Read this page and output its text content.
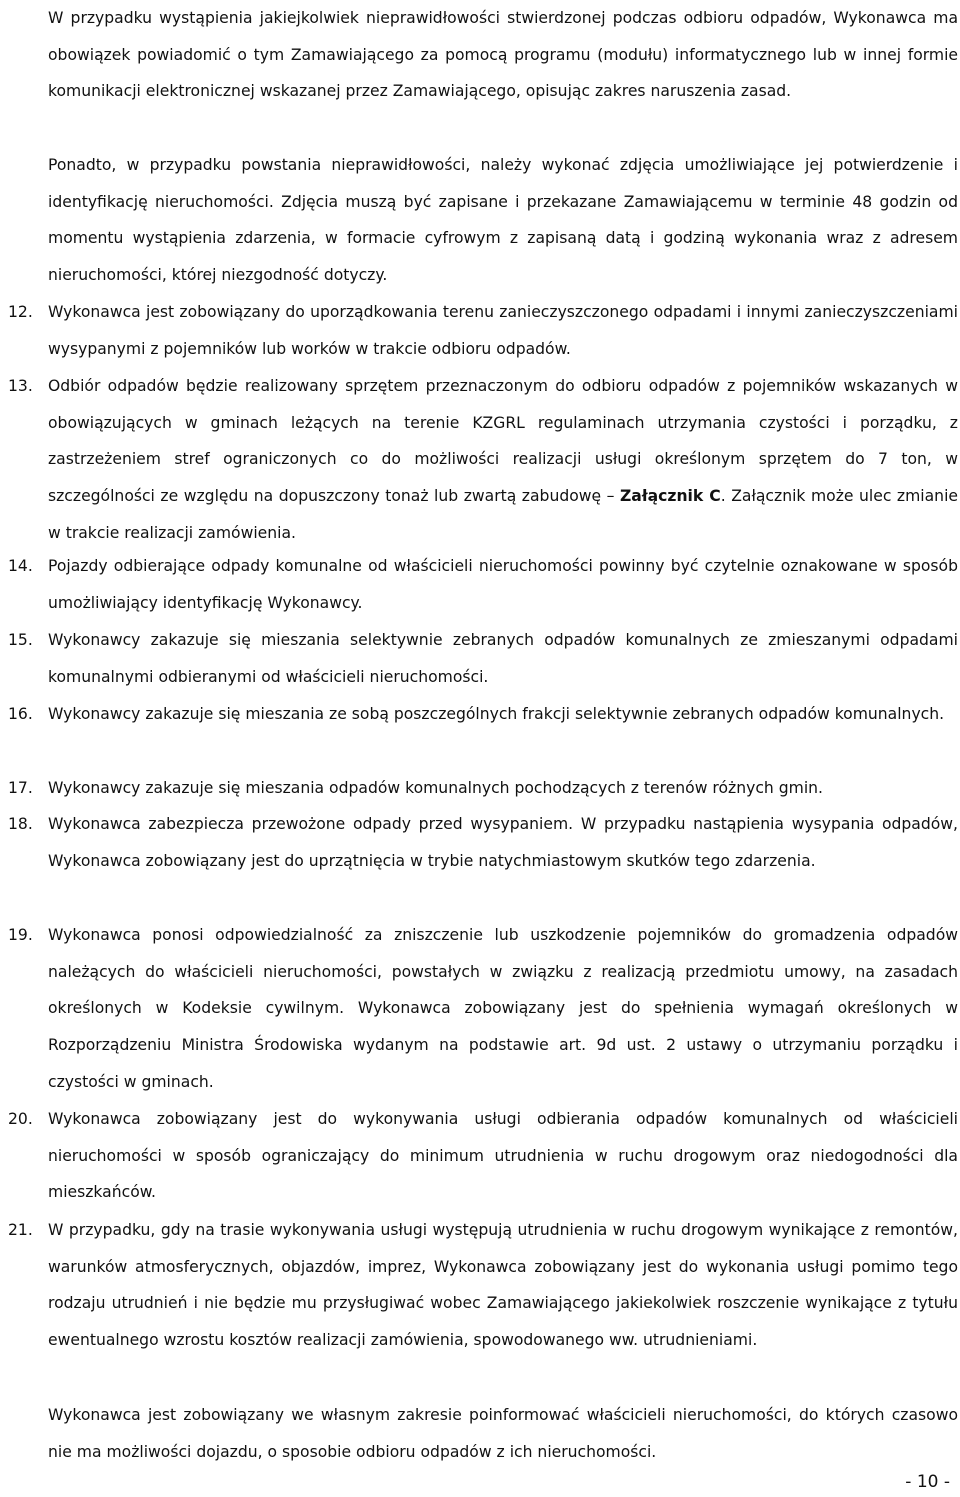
W przypadku wystąpienia jakiejkolwiek nieprawidłowości stwierdzonej podczas odbioru odpadów, Wykonawca ma obowiązek powiadomić o tym Zamawiającego za pomocą programu (modułu) informatycznego lub w innej formie komunikacji elektronicznej wskazanej przez Zamawiającego, opisując zakres naruszenia zasad.
Ponadto, w przypadku powstania nieprawidłowości, należy wykonać zdjęcia umożliwiające jej potwierdzenie i identyfikację nieruchomości. Zdjęcia muszą być zapisane i przekazane Zamawiającemu w terminie 48 godzin od momentu wystąpienia zdarzenia, w formacie cyfrowym z zapisaną datą i godziną wykonania wraz z adresem nieruchomości, której niezgodność dotyczy.
12. Wykonawca jest zobowiązany do uporządkowania terenu zanieczyszczonego odpadami i innymi zanieczyszczeniami wysypanymi z pojemników lub worków w trakcie odbioru odpadów.
13. Odbiór odpadów będzie realizowany sprzętem przeznaczonym do odbioru odpadów z pojemników wskazanych w obowiązujących w gminach leżących na terenie KZGRL regulaminach utrzymania czystości i porządku, z zastrzeżeniem stref ograniczonych co do możliwości realizacji usługi określonym sprzętem do 7 ton, w szczególności ze względu na dopuszczony tonaż lub zwartą zabudowę – Załącznik C. Załącznik może ulec zmianie w trakcie realizacji zamówienia.
14. Pojazdy odbierające odpady komunalne od właścicieli nieruchomości powinny być czytelnie oznakowane w sposób umożliwiający identyfikację Wykonawcy.
15. Wykonawcy zakazuje się mieszania selektywnie zebranych odpadów komunalnych ze zmieszanymi odpadami komunalnymi odbieranymi od właścicieli nieruchomości.
16. Wykonawcy zakazuje się mieszania ze sobą poszczególnych frakcji selektywnie zebranych odpadów komunalnych.
17. Wykonawcy zakazuje się mieszania odpadów komunalnych pochodzących z terenów różnych gmin.
18. Wykonawca zabezpiecza przewożone odpady przed wysypaniem. W przypadku nastąpienia wysypania odpadów, Wykonawca zobowiązany jest do uprzątnięcia w trybie natychmiastowym skutków tego zdarzenia.
19. Wykonawca ponosi odpowiedzialność za zniszczenie lub uszkodzenie pojemników do gromadzenia odpadów należących do właścicieli nieruchomości, powstałych w związku z realizacją przedmiotu umowy, na zasadach określonych w Kodeksie cywilnym. Wykonawca zobowiązany jest do spełnienia wymagań określonych w Rozporządzeniu Ministra Środowiska wydanym na podstawie art. 9d ust. 2 ustawy o utrzymaniu porządku i czystości w gminach.
20. Wykonawca zobowiązany jest do wykonywania usługi odbierania odpadów komunalnych od właścicieli nieruchomości w sposób ograniczający do minimum utrudnienia w ruchu drogowym oraz niedogodności dla mieszkańców.
21. W przypadku, gdy na trasie wykonywania usługi występują utrudnienia w ruchu drogowym wynikające z remontów, warunków atmosferycznych, objazdów, imprez, Wykonawca zobowiązany jest do wykonania usługi pomimo tego rodzaju utrudnień i nie będzie mu przysługiwać wobec Zamawiającego jakiekolwiek roszczenie wynikające z tytułu ewentualnego wzrostu kosztów realizacji zamówienia, spowodowanego ww. utrudnieniami.
Wykonawca jest zobowiązany we własnym zakresie poinformować właścicieli nieruchomości, do których czasowo nie ma możliwości dojazdu, o sposobie odbioru odpadów z ich nieruchomości.
- 10 -
